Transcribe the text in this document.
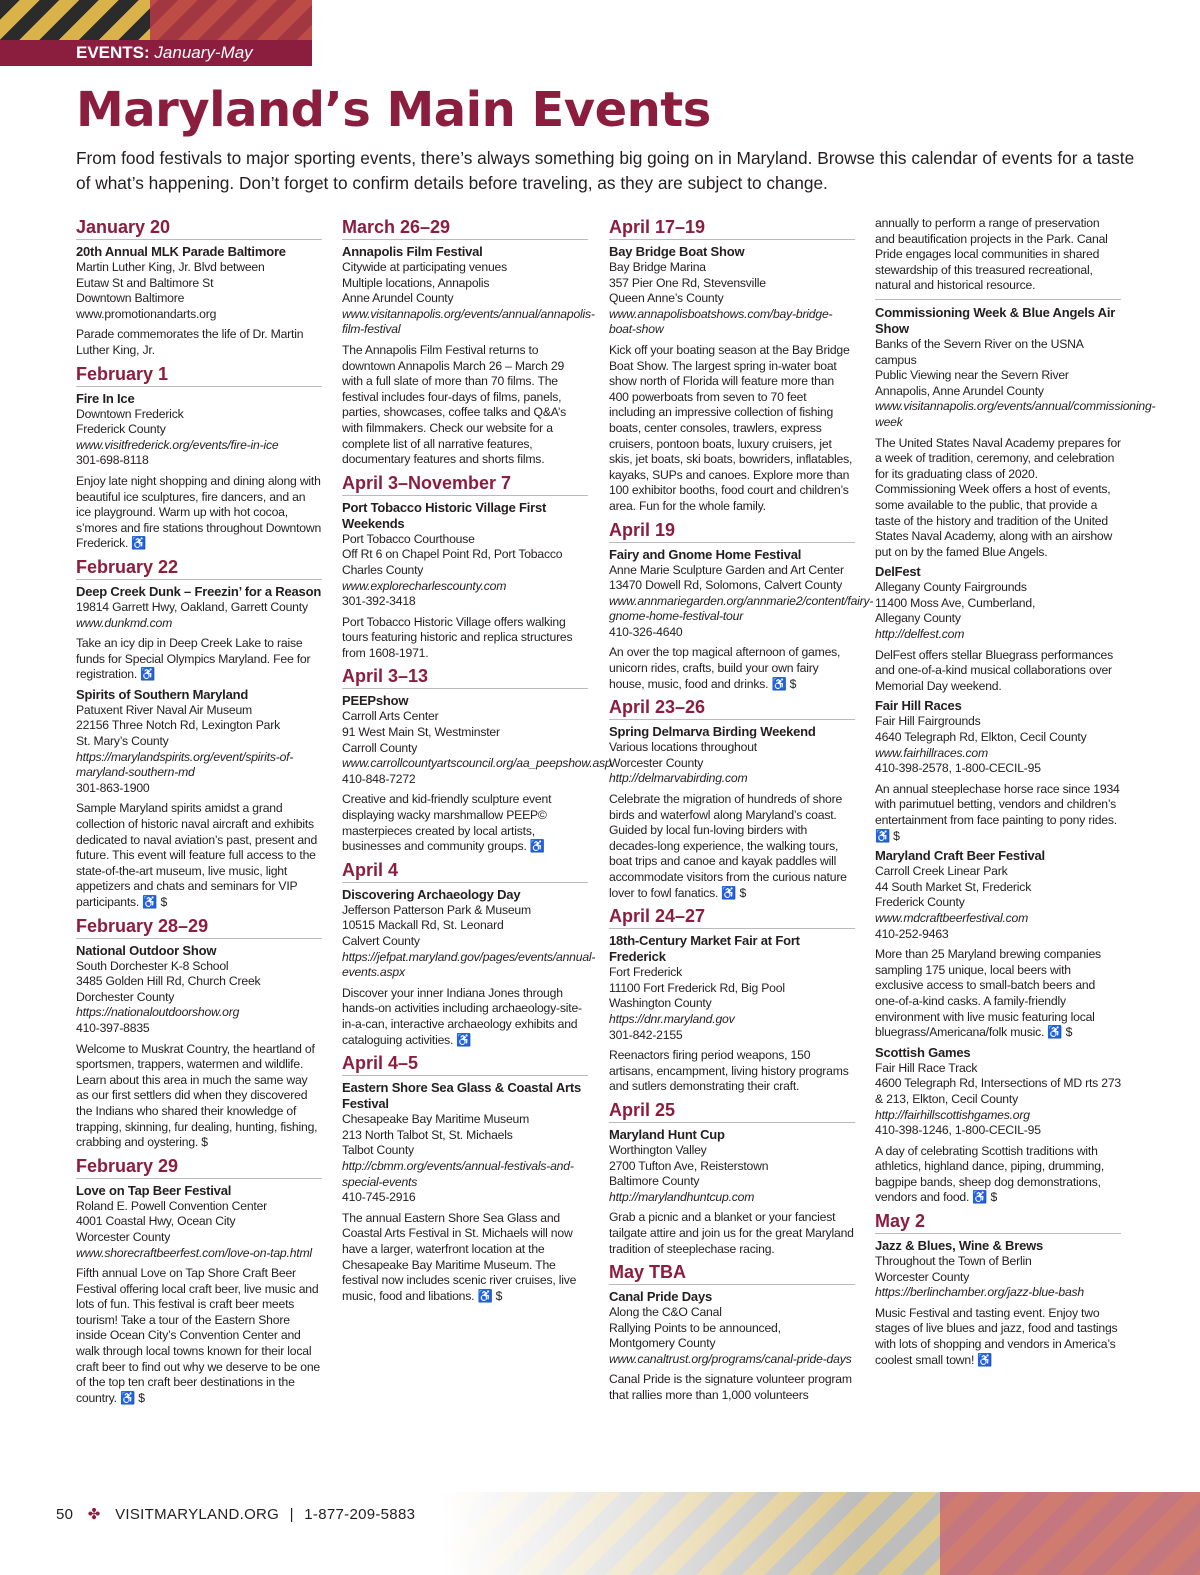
EVENTS: January-May
Maryland’s Main Events

From food festivals to major sporting events, there’s always something big going on in Maryland. Browse this calendar of events for a taste of what’s happening. Don’t forget to confirm details before traveling, as they are subject to change.

January 20
20th Annual MLK Parade Baltimore
Martin Luther King, Jr. Blvd between
Eutaw St and Baltimore St
Downtown Baltimore
www.promotionandarts.org
Parade commemorates the life of Dr. Martin Luther King, Jr.
February 1
Fire In Ice
Downtown Frederick
Frederick County
www.visitfrederick.org/events/fire-in-ice
301-698-8118
Enjoy late night shopping and dining along with beautiful ice sculptures, fire dancers, and an ice playground. Warm up with hot cocoa, s’mores and fire stations throughout Downtown Frederick. ♿
February 22
Deep Creek Dunk – Freezin’ for a Reason
19814 Garrett Hwy, Oakland, Garrett County
www.dunkmd.com
Take an icy dip in Deep Creek Lake to raise funds for Special Olympics Maryland. Fee for registration. ♿
Spirits of Southern Maryland
Patuxent River Naval Air Museum
22156 Three Notch Rd, Lexington Park
St. Mary’s County
https://marylandspirits.org/event/spirits-of-maryland-southern-md
301-863-1900
Sample Maryland spirits amidst a grand collection of historic naval aircraft and exhibits dedicated to naval aviation’s past, present and future. This event will feature full access to the state-of-the-art museum, live music, light appetizers and chats and seminars for VIP participants. ♿ $
February 28–29
National Outdoor Show
South Dorchester K-8 School
3485 Golden Hill Rd, Church Creek
Dorchester County
https://nationaloutdoorshow.org
410-397-8835
Welcome to Muskrat Country, the heartland of sportsmen, trappers, watermen and wildlife. Learn about this area in much the same way as our first settlers did when they discovered the Indians who shared their knowledge of trapping, skinning, fur dealing, hunting, fishing, crabbing and oystering. $
February 29
Love on Tap Beer Festival
Roland E. Powell Convention Center
4001 Coastal Hwy, Ocean City
Worcester County
www.shorecraftbeerfest.com/love-on-tap.html
Fifth annual Love on Tap Shore Craft Beer Festival offering local craft beer, live music and lots of fun. This festival is craft beer meets tourism! Take a tour of the Eastern Shore inside Ocean City’s Convention Center and walk through local towns known for their local craft beer to find out why we deserve to be one of the top ten craft beer destinations in the country. ♿ $
March 26–29
Annapolis Film Festival
Citywide at participating venues
Multiple locations, Annapolis
Anne Arundel County
www.visitannapolis.org/events/annual/annapolis-film-festival
The Annapolis Film Festival returns to downtown Annapolis March 26 – March 29 with a full slate of more than 70 films. The festival includes four-days of films, panels, parties, showcases, coffee talks and Q&A’s with filmmakers. Check our website for a complete list of all narrative features, documentary features and shorts films.
April 3–November 7
Port Tobacco Historic Village First Weekends
Port Tobacco Courthouse
Off Rt 6 on Chapel Point Rd, Port Tobacco
Charles County
www.explorecharlescounty.com
301-392-3418
Port Tobacco Historic Village offers walking tours featuring historic and replica structures from 1608-1971.
April 3–13
PEEPshow
Carroll Arts Center
91 West Main St, Westminster
Carroll County
www.carrollcountyartscouncil.org/aa_peepshow.asp
410-848-7272
Creative and kid-friendly sculpture event displaying wacky marshmallow PEEP© masterpieces created by local artists, businesses and community groups. ♿
April 4
Discovering Archaeology Day
Jefferson Patterson Park & Museum
10515 Mackall Rd, St. Leonard
Calvert County
https://jefpat.maryland.gov/pages/events/annual-events.aspx
Discover your inner Indiana Jones through hands-on activities including archaeology-site-in-a-can, interactive archaeology exhibits and cataloguing activities. ♿
April 4–5
Eastern Shore Sea Glass & Coastal Arts Festival
Chesapeake Bay Maritime Museum
213 North Talbot St, St. Michaels
Talbot County
http://cbmm.org/events/annual-festivals-and-special-events
410-745-2916
The annual Eastern Shore Sea Glass and Coastal Arts Festival in St. Michaels will now have a larger, waterfront location at the Chesapeake Bay Maritime Museum. The festival now includes scenic river cruises, live music, food and libations. ♿ $
April 17–19
Bay Bridge Boat Show
Bay Bridge Marina
357 Pier One Rd, Stevensville
Queen Anne’s County
www.annapolisboatshows.com/bay-bridge-boat-show
Kick off your boating season at the Bay Bridge Boat Show. The largest spring in-water boat show north of Florida will feature more than 400 powerboats from seven to 70 feet including an impressive collection of fishing boats, center consoles, trawlers, express cruisers, pontoon boats, luxury cruisers, jet skis, jet boats, ski boats, bowriders, inflatables, kayaks, SUPs and canoes. Explore more than 100 exhibitor booths, food court and children’s area. Fun for the whole family.
April 19
Fairy and Gnome Home Festival
Anne Marie Sculpture Garden and Art Center
13470 Dowell Rd, Solomons, Calvert County
www.annmariegarden.org/annmarie2/content/fairy-gnome-home-festival-tour
410-326-4640
An over the top magical afternoon of games, unicorn rides, crafts, build your own fairy house, music, food and drinks. ♿ $
April 23–26
Spring Delmarva Birding Weekend
Various locations throughout
Worcester County
http://delmarvabirding.com
Celebrate the migration of hundreds of shore birds and waterfowl along Maryland’s coast. Guided by local fun-loving birders with decades-long experience, the walking tours, boat trips and canoe and kayak paddles will accommodate visitors from the curious nature lover to fowl fanatics. ♿ $
April 24–27
18th-Century Market Fair at Fort Frederick
Fort Frederick
11100 Fort Frederick Rd, Big Pool
Washington County
https://dnr.maryland.gov
301-842-2155
Reenactors firing period weapons, 150 artisans, encampment, living history programs and sutlers demonstrating their craft.
April 25
Maryland Hunt Cup
Worthington Valley
2700 Tufton Ave, Reisterstown
Baltimore County
http://marylandhuntcup.com
Grab a picnic and a blanket or your fanciest tailgate attire and join us for the great Maryland tradition of steeplechase racing.
May TBA
Canal Pride Days
Along the C&O Canal
Rallying Points to be announced,
Montgomery County
www.canaltrust.org/programs/canal-pride-days
Canal Pride is the signature volunteer program that rallies more than 1,000 volunteers
annually to perform a range of preservation and beautification projects in the Park. Canal Pride engages local communities in shared stewardship of this treasured recreational, natural and historical resource.
Commissioning Week & Blue Angels Air Show
Banks of the Severn River on the USNA campus
Public Viewing near the Severn River
Annapolis, Anne Arundel County
www.visitannapolis.org/events/annual/commissioning-week
The United States Naval Academy prepares for a week of tradition, ceremony, and celebration for its graduating class of 2020. Commissioning Week offers a host of events, some available to the public, that provide a taste of the history and tradition of the United States Naval Academy, along with an airshow put on by the famed Blue Angels.
DelFest
Allegany County Fairgrounds
11400 Moss Ave, Cumberland,
Allegany County
http://delfest.com
DelFest offers stellar Bluegrass performances and one-of-a-kind musical collaborations over Memorial Day weekend.
Fair Hill Races
Fair Hill Fairgrounds
4640 Telegraph Rd, Elkton, Cecil County
www.fairhillraces.com
410-398-2578, 1-800-CECIL-95
An annual steeplechase horse race since 1934 with parimutuel betting, vendors and children’s entertainment from face painting to pony rides. ♿ $
Maryland Craft Beer Festival
Carroll Creek Linear Park
44 South Market St, Frederick
Frederick County
www.mdcraftbeerfestival.com
410-252-9463
More than 25 Maryland brewing companies sampling 175 unique, local beers with exclusive access to small-batch beers and one-of-a-kind casks. A family-friendly environment with live music featuring local bluegrass/Americana/folk music. ♿ $
Scottish Games
Fair Hill Race Track
4600 Telegraph Rd, Intersections of MD rts 273 & 213, Elkton, Cecil County
http://fairhillscottishgames.org
410-398-1246, 1-800-CECIL-95
A day of celebrating Scottish traditions with athletics, highland dance, piping, drumming, bagpipe bands, sheep dog demonstrations, vendors and food. ♿ $
May 2
Jazz & Blues, Wine & Brews
Throughout the Town of Berlin
Worcester County
https://berlinchamber.org/jazz-blue-bash
Music Festival and tasting event. Enjoy two stages of live blues and jazz, food and tastings with lots of shopping and vendors in America’s coolest small town! ♿
50 ✤ VISITMARYLAND.ORG | 1-877-209-5883
